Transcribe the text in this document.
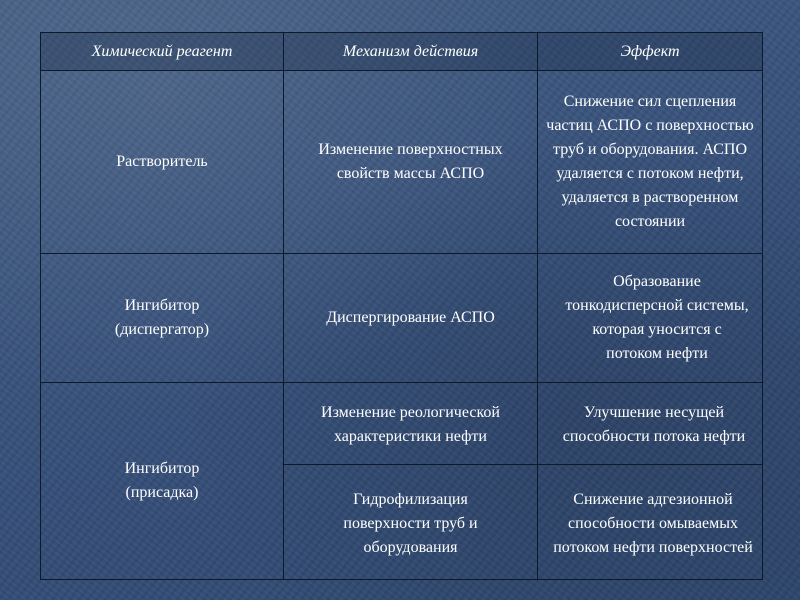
Химический реагент	Механизм действия	Эффект
Растворитель	Изменение поверхностных свойств массы АСПО	Снижение сил сцепления частиц АСПО с поверхностью труб и оборудования. АСПО удаляется с потоком нефти, удаляется в растворенном состоянии
Ингибитор (диспергатор)	Диспергирование АСПО	Образование тонкодисперсной системы, которая уносится с потоком нефти
Ингибитор (присадка)	Изменение реологической характеристики нефти	Улучшение несущей способности потока нефти
	Гидрофилизация поверхности труб и оборудования	Снижение адгезионной способности омываемых потоком нефти поверхностей
